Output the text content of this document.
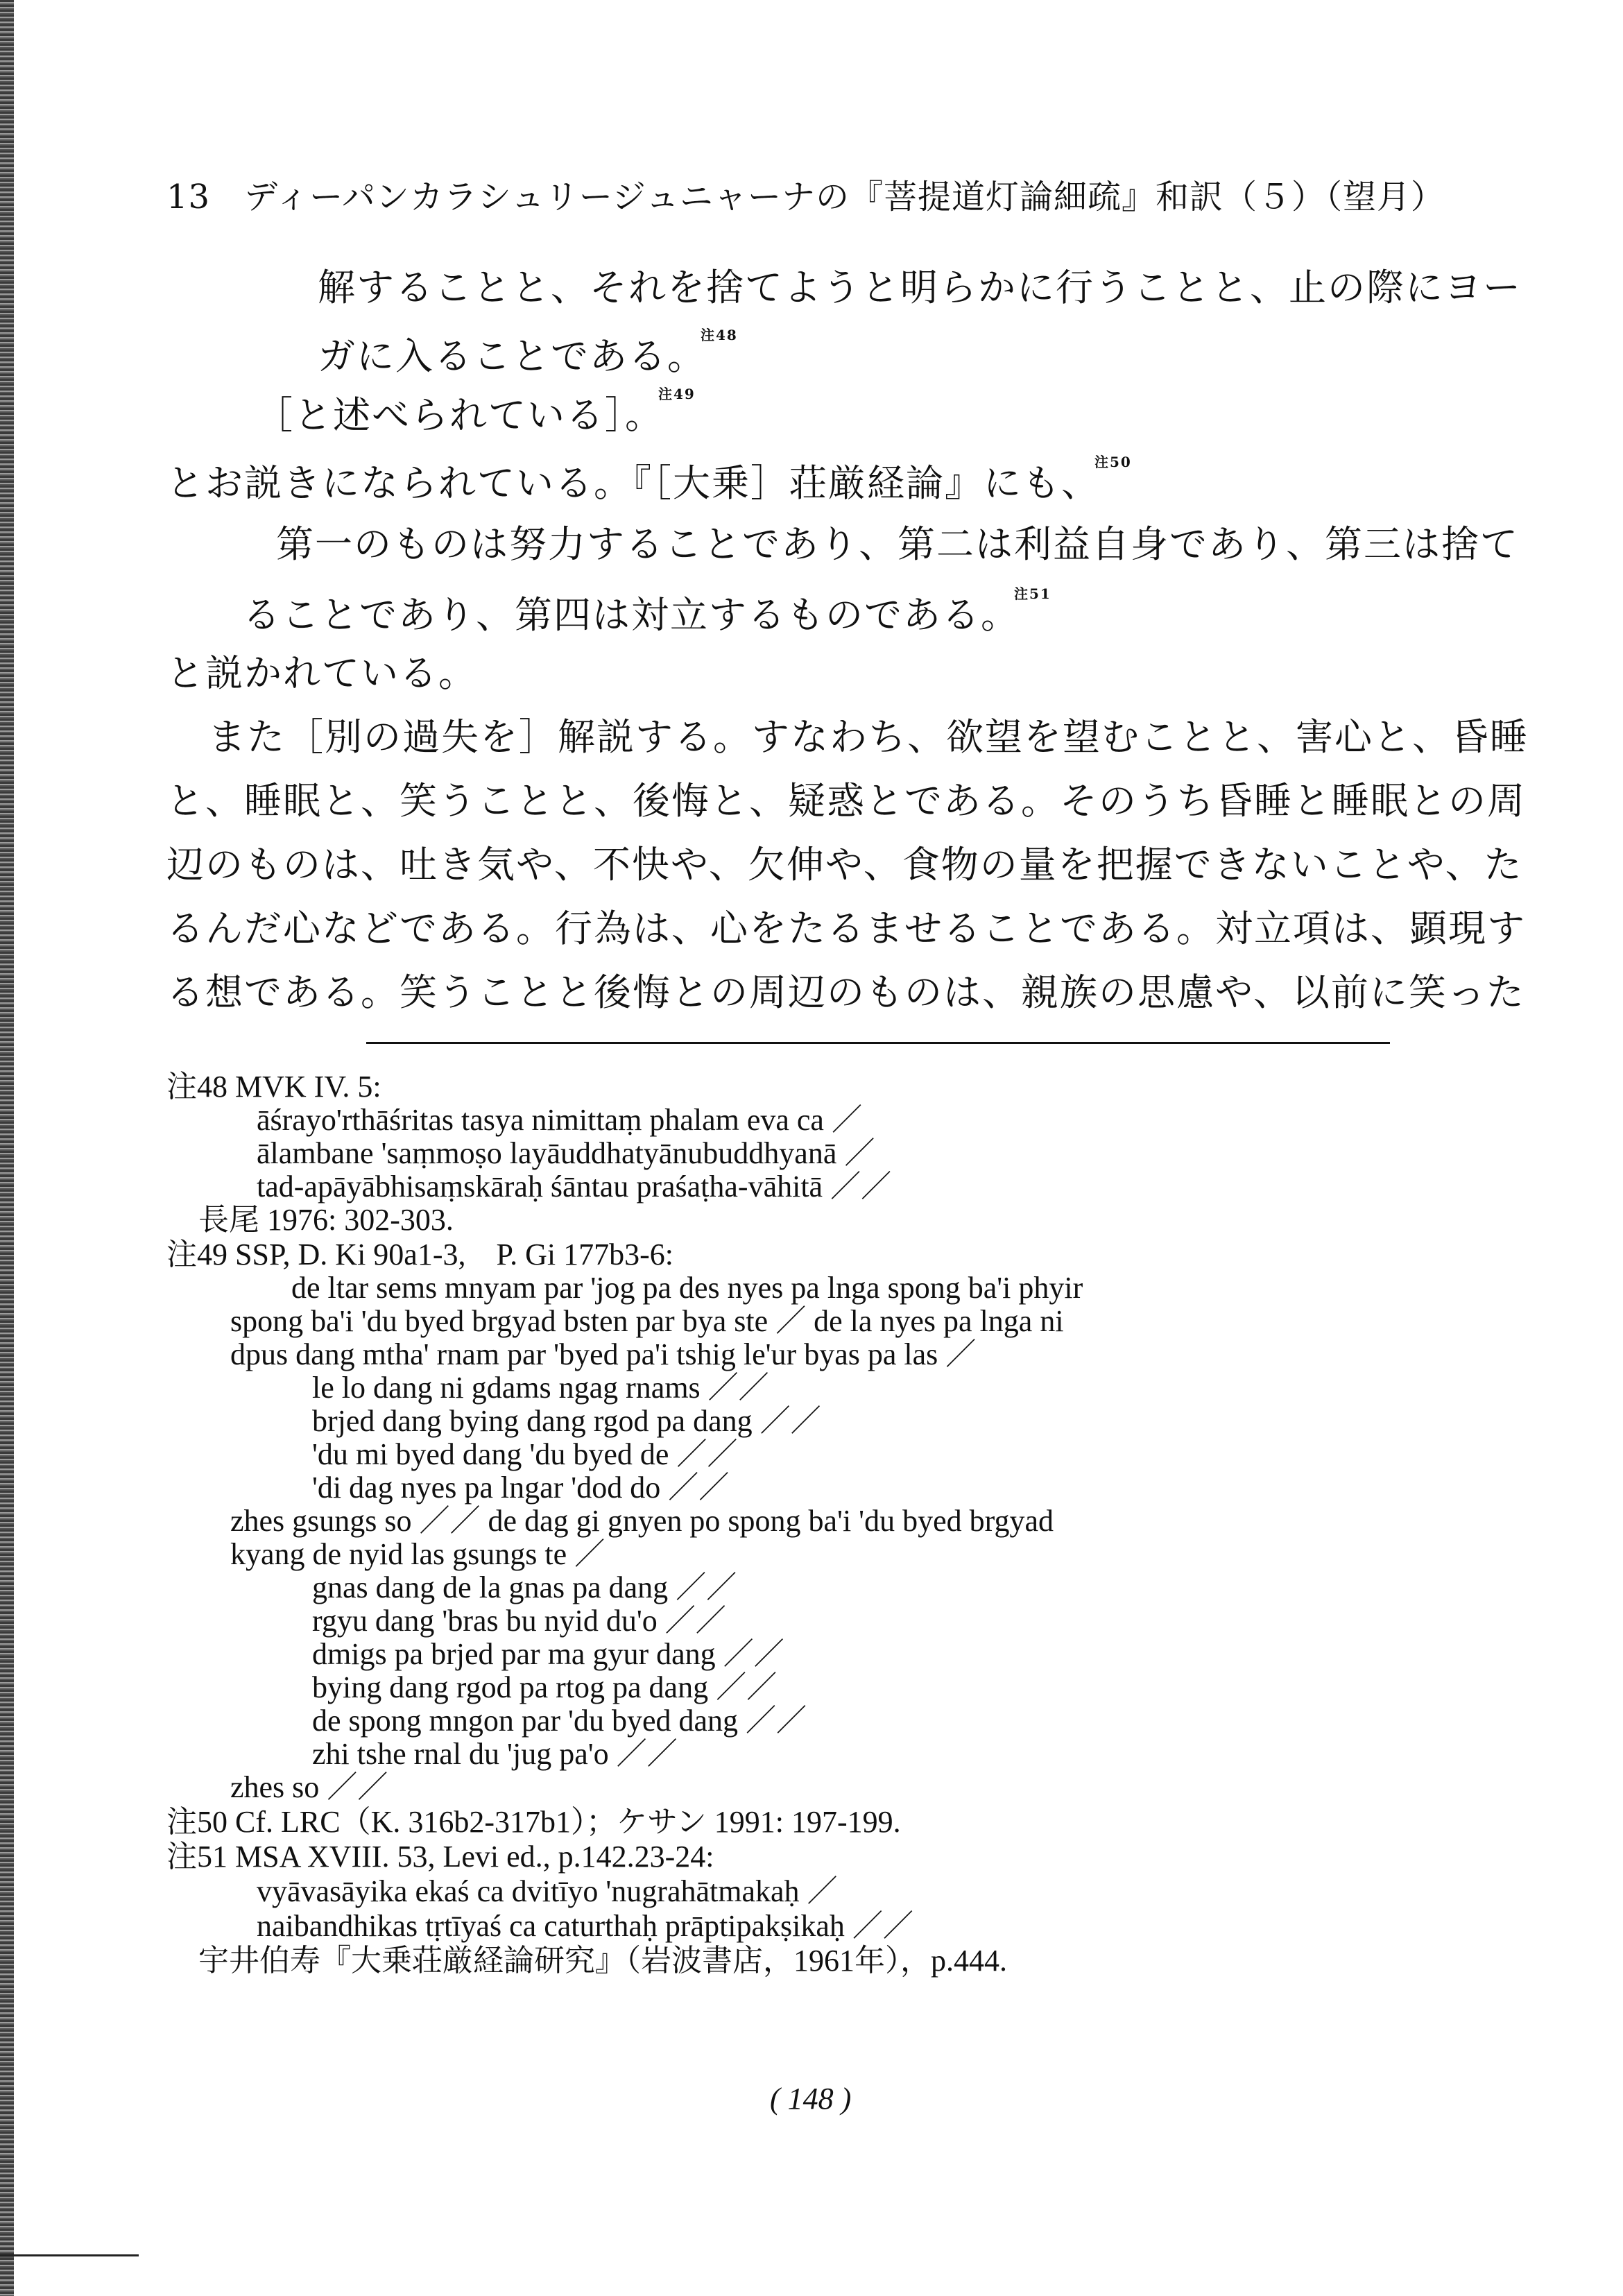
13　ディーパンカラシュリージュニャーナの『菩提道灯論細疏』和訳（５）（望月）
解することと、それを捨てようと明らかに行うことと、止の際にヨー
ガに入ることである。$^{注48}$
［と述べられている］。$^{注49}$
とお説きになられている。『［大乗］荘厳経論』にも、$^{注50}$
第一のものは努力することであり、第二は利益自身であり、第三は捨て
ることであり、第四は対立するものである。$^{注51}$
と説かれている。
また［別の過失を］解説する。すなわち、欲望を望むことと、害心と、昏睡
と、睡眠と、笑うことと、後悔と、疑惑とである。そのうち昏睡と睡眠との周
辺のものは、吐き気や、不快や、欠伸や、食物の量を把握できないことや、た
るんだ心などである。行為は、心をたるませることである。対立項は、顕現す
る想である。笑うことと後悔との周辺のものは、親族の思慮や、以前に笑った
注48 MVK IV. 5:
āśrayo'rthāśritas tasya nimittaṃ phalam eva ca ／
ālambane 'saṃmoṣo layāuddhatyānubuddhyanā ／
tad-apāyābhisaṃskāraḥ śāntau praśaṭha-vāhitā ／／
長尾 1976: 302-303.
注49 SSP, D. Ki 90a1-3,　P. Gi 177b3-6:
de ltar sems mnyam par 'jog pa des nyes pa lnga spong ba'i phyir
spong ba'i 'du byed brgyad bsten par bya ste ／ de la nyes pa lnga ni
dpus dang mtha' rnam par 'byed pa'i tshig le'ur byas pa las ／
le lo dang ni gdams ngag rnams ／／
brjed dang bying dang rgod pa dang ／／
'du mi byed dang 'du byed de ／／
'di dag nyes pa lngar 'dod do ／／
zhes gsungs so ／／ de dag gi gnyen po spong ba'i 'du byed brgyad
kyang de nyid las gsungs te ／
gnas dang de la gnas pa dang ／／
rgyu dang 'bras bu nyid du'o ／／
dmigs pa brjed par ma gyur dang ／／
bying dang rgod pa rtog pa dang ／／
de spong mngon par 'du byed dang ／／
zhi tshe rnal du 'jug pa'o ／／
zhes so ／／
注50 Cf. LRC（K. 316b2-317b1）；ケサン 1991: 197-199.
注51 MSA XVIII. 53, Levi ed., p.142.23-24:
vyāvasāyika ekaś ca dvitīyo 'nugrahātmakaḥ ／
naibandhikas tṛtīyaś ca caturthaḥ prāptipakṣikaḥ ／／
宇井伯寿『大乗荘厳経論研究』（岩波書店，1961年），p.444.
( 148 )
